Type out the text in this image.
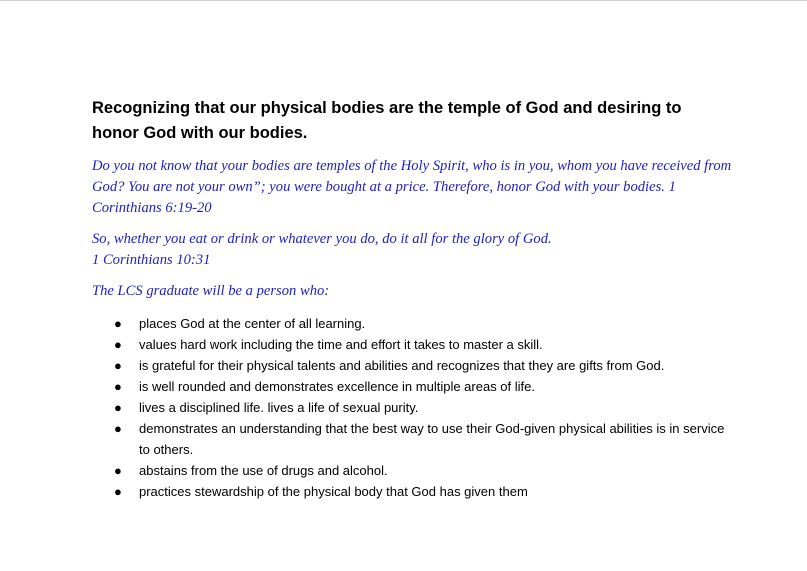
Recognizing that our physical bodies are the temple of God and desiring to honor God with our bodies.

Do you not know that your bodies are temples of the Holy Spirit, who is in you, whom you have received from God? You are not your own”; you were bought at a price. Therefore, honor God with your bodies. 1 Corinthians 6:19-20

So, whether you eat or drink or whatever you do, do it all for the glory of God.
1 Corinthians 10:31

The LCS graduate will be a person who:

● places God at the center of all learning.
● values hard work including the time and effort it takes to master a skill.
● is grateful for their physical talents and abilities and recognizes that they are gifts from God.
● is well rounded and demonstrates excellence in multiple areas of life.
● lives a disciplined life. lives a life of sexual purity.
● demonstrates an understanding that the best way to use their God-given physical abilities is in service to others.
● abstains from the use of drugs and alcohol.
● practices stewardship of the physical body that God has given them
